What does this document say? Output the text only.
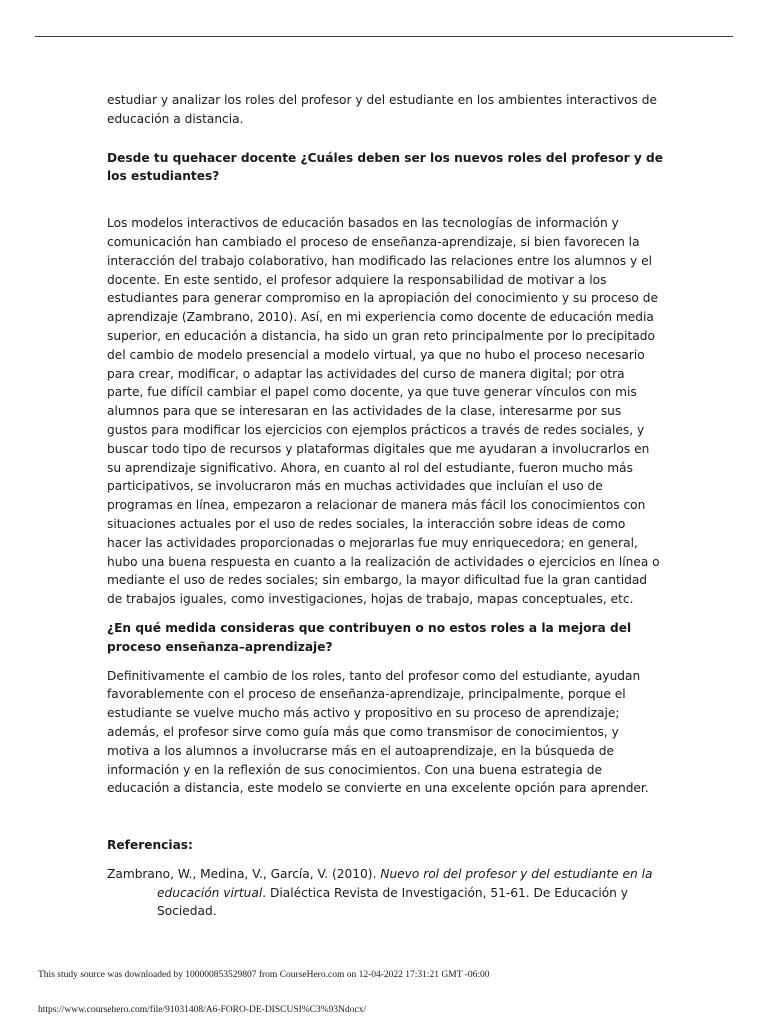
estudiar y analizar los roles del profesor y del estudiante en los ambientes interactivos de educación a distancia.

Desde tu quehacer docente ¿Cuáles deben ser los nuevos roles del profesor y de los estudiantes?

Los modelos interactivos de educación basados en las tecnologías de información y comunicación han cambiado el proceso de enseñanza-aprendizaje, si bien favorecen la interacción del trabajo colaborativo, han modificado las relaciones entre los alumnos y el docente. En este sentido, el profesor adquiere la responsabilidad de motivar a los estudiantes para generar compromiso en la apropiación del conocimiento y su proceso de aprendizaje (Zambrano, 2010). Así, en mi experiencia como docente de educación media superior, en educación a distancia, ha sido un gran reto principalmente por lo precipitado del cambio de modelo presencial a modelo virtual, ya que no hubo el proceso necesario para crear, modificar, o adaptar las actividades del curso de manera digital; por otra parte, fue difícil cambiar el papel como docente, ya que tuve generar vínculos con mis alumnos para que se interesaran en las actividades de la clase, interesarme por sus gustos para modificar los ejercicios con ejemplos prácticos a través de redes sociales, y buscar todo tipo de recursos y plataformas digitales que me ayudaran a involucrarlos en su aprendizaje significativo. Ahora, en cuanto al rol del estudiante, fueron mucho más participativos, se involucraron más en muchas actividades que incluían el uso de programas en línea, empezaron a relacionar de manera más fácil los conocimientos con situaciones actuales por el uso de redes sociales, la interacción sobre ideas de como hacer las actividades proporcionadas o mejorarlas fue muy enriquecedora; en general, hubo una buena respuesta en cuanto a la realización de actividades o ejercicios en línea o mediante el uso de redes sociales; sin embargo, la mayor dificultad fue la gran cantidad de trabajos iguales, como investigaciones, hojas de trabajo, mapas conceptuales, etc.

¿En qué medida consideras que contribuyen o no estos roles a la mejora del proceso enseñanza–aprendizaje?

Definitivamente el cambio de los roles, tanto del profesor como del estudiante, ayudan favorablemente con el proceso de enseñanza-aprendizaje, principalmente, porque el estudiante se vuelve mucho más activo y propositivo en su proceso de aprendizaje; además, el profesor sirve como guía más que como transmisor de conocimientos, y motiva a los alumnos a involucrarse más en el autoaprendizaje, en la búsqueda de información y en la reflexión de sus conocimientos. Con una buena estrategia de educación a distancia, este modelo se convierte en una excelente opción para aprender.

Referencias:

Zambrano, W., Medina, V., García, V. (2010). Nuevo rol del profesor y del estudiante en la educación virtual. Dialéctica Revista de Investigación, 51-61. De Educación y Sociedad.

This study source was downloaded by 100000853529807 from CourseHero.com on 12-04-2022 17:31:21 GMT -06:00
https://www.coursehero.com/file/91031408/A6-FORO-DE-DISCUSI%C3%93Ndocx/
